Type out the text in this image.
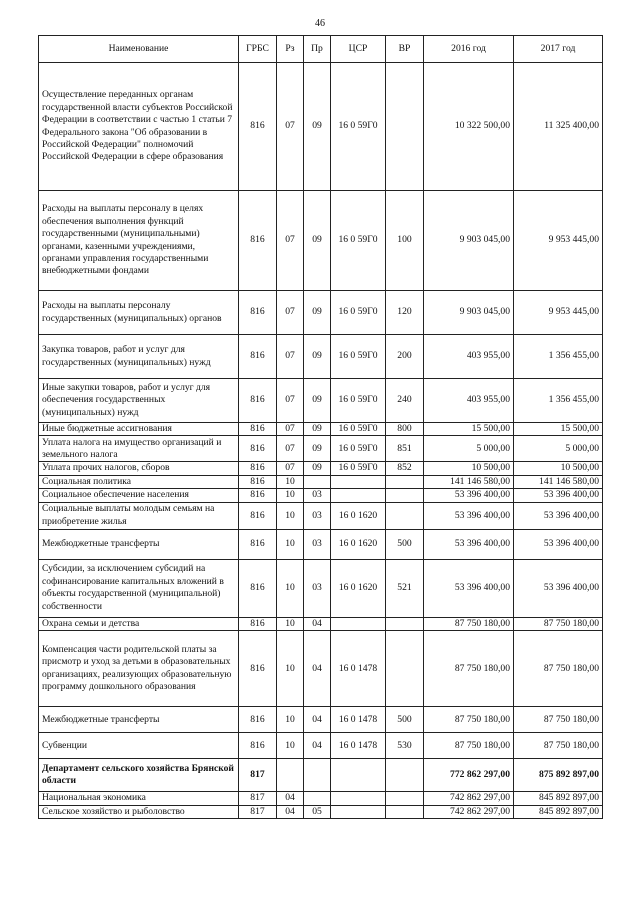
46
Наименование	ГРБС	Рз	Пр	ЦСР	ВР	2016 год	2017 год
Осуществление переданных органам государственной власти субъектов Российской Федерации в соответствии с частью 1 статьи 7 Федерального закона "Об образовании в Российской Федерации" полномочий Российской Федерации в сфере образования	816	07	09	16 0 59Г0		10 322 500,00	11 325 400,00
Расходы на выплаты персоналу в целях обеспечения выполнения функций государственными (муниципальными) органами, казенными учреждениями, органами управления государственными внебюджетными фондами	816	07	09	16 0 59Г0	100	9 903 045,00	9 953 445,00
Расходы на выплаты персоналу государственных (муниципальных) органов	816	07	09	16 0 59Г0	120	9 903 045,00	9 953 445,00
Закупка товаров, работ и услуг для государственных (муниципальных) нужд	816	07	09	16 0 59Г0	200	403 955,00	1 356 455,00
Иные закупки товаров, работ и услуг для обеспечения государственных (муниципальных) нужд	816	07	09	16 0 59Г0	240	403 955,00	1 356 455,00
Иные бюджетные ассигнования	816	07	09	16 0 59Г0	800	15 500,00	15 500,00
Уплата налога на имущество организаций и земельного налога	816	07	09	16 0 59Г0	851	5 000,00	5 000,00
Уплата прочих налогов, сборов	816	07	09	16 0 59Г0	852	10 500,00	10 500,00
Социальная политика	816	10				141 146 580,00	141 146 580,00
Социальное обеспечение населения	816	10	03			53 396 400,00	53 396 400,00
Социальные выплаты молодым семьям на приобретение жилья	816	10	03	16 0 1620		53 396 400,00	53 396 400,00
Межбюджетные трансферты	816	10	03	16 0 1620	500	53 396 400,00	53 396 400,00
Субсидии, за исключением субсидий на софинансирование капитальных вложений в объекты государственной (муниципальной) собственности	816	10	03	16 0 1620	521	53 396 400,00	53 396 400,00
Охрана семьи и детства	816	10	04			87 750 180,00	87 750 180,00
Компенсация части родительской платы за присмотр и уход за детьми в образовательных организациях, реализующих образовательную программу дошкольного образования	816	10	04	16 0 1478		87 750 180,00	87 750 180,00
Межбюджетные трансферты	816	10	04	16 0 1478	500	87 750 180,00	87 750 180,00
Субвенции	816	10	04	16 0 1478	530	87 750 180,00	87 750 180,00
Департамент сельского хозяйства Брянской области	817					772 862 297,00	875 892 897,00
Национальная экономика	817	04				742 862 297,00	845 892 897,00
Сельское хозяйство и рыболовство	817	04	05			742 862 297,00	845 892 897,00
